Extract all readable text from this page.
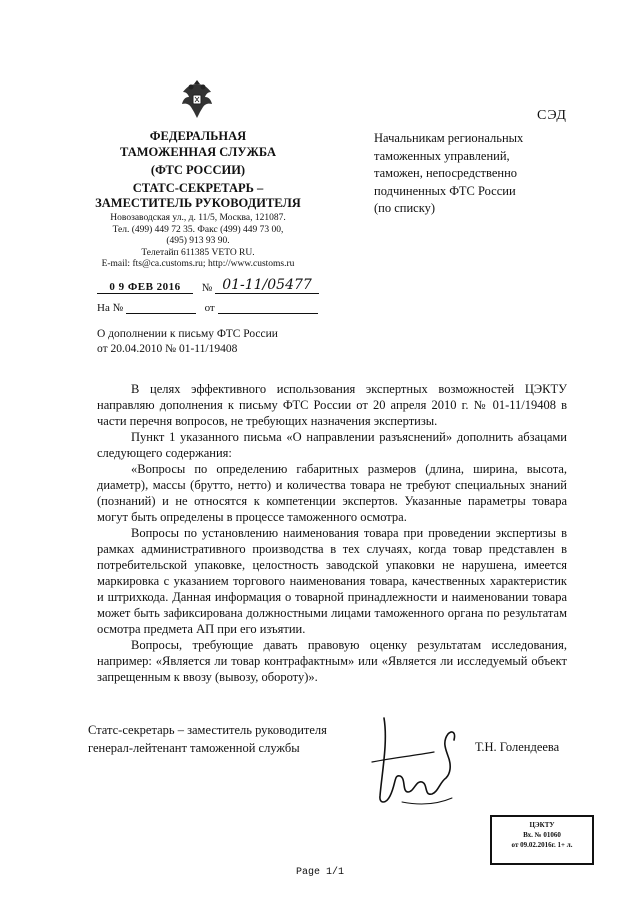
ФЕДЕРАЛЬНАЯ
ТАМОЖЕННАЯ СЛУЖБА
(ФТС РОССИИ)
СТАТС-СЕКРЕТАРЬ –
ЗАМЕСТИТЕЛЬ РУКОВОДИТЕЛЯ
Новозаводская ул., д. 11/5, Москва, 121087.
Тел. (499) 449 72 35. Факс (499) 449 73 00,
(495) 913 93 90.
Телетайп 611385 VETO RU.
E-mail: fts@ca.customs.ru; http://www.customs.ru
0 9 ФЕВ 2016 № 01-11/05477
На №	от
СЭД
Начальникам региональных
таможенных управлений,
таможен, непосредственно
подчиненных ФТС России
(по списку)
О дополнении к письму ФТС России
от 20.04.2010 № 01-11/19408

В целях эффективного использования экспертных возможностей ЦЭКТУ направляю дополнения к письму ФТС России от 20 апреля 2010 г. № 01-11/19408 в части перечня вопросов, не требующих назначения экспертизы.

Пункт 1 указанного письма «О направлении разъяснений» дополнить абзацами следующего содержания:

«Вопросы по определению габаритных размеров (длина, ширина, высота, диаметр), массы (брутто, нетто) и количества товара не требуют специальных знаний (познаний) и не относятся к компетенции экспертов. Указанные параметры товара могут быть определены в процессе таможенного осмотра.

Вопросы по установлению наименования товара при проведении экспертизы в рамках административного производства в тех случаях, когда товар представлен в потребительской упаковке, целостность заводской упаковки не нарушена, имеется маркировка с указанием торгового наименования товара, качественных характеристик и штрихкода. Данная информация о товарной принадлежности и наименовании товара может быть зафиксирована должностными лицами таможенного органа по результатам осмотра предмета АП при его изъятии.

Вопросы, требующие давать правовую оценку результатам исследования, например: «Является ли товар контрафактным» или «Является ли исследуемый объект запрещенным к ввозу (вывозу, обороту)».

Статс-секретарь – заместитель руководителя
генерал-лейтенант таможенной службы	Т.Н. Голендеева
ЦЭКТУ
Вх. № 01060
от 09.02.2016г. 1+ л.
Page 1/1
